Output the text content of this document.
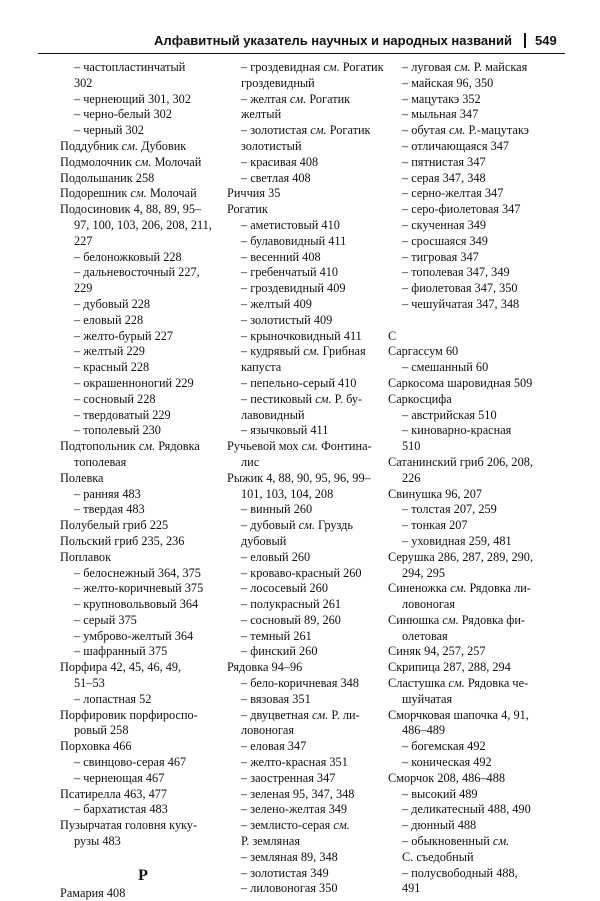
Алфавитный указатель научных и народных названий 549
– частопластинчатый
302
– чернеющий 301, 302
– черно-белый 302
– черный 302
Поддубник см. Дубовик
Подмолочник см. Молочай
Подольшаник 258
Подорешник см. Молочай
Подосиновик 4, 88, 89, 95–
97, 100, 103, 206, 208, 211,
227
– белоножковый 228
– дальневосточный 227,
229
– дубовый 228
– еловый 228
– желто-бурый 227
– желтый 229
– красный 228
– окрашенноногий 229
– сосновый 228
– твердоватый 229
– тополевый 230
Подтопольник см. Рядовка
тополевая
Полевка
– ранняя 483
– твердая 483
Полубелый гриб 225
Польский гриб 235, 236
Поплавок
– белоснежный 364, 375
– желто-коричневый 375
– крупновольвовый 364
– серый 375
– умброво-желтый 364
– шафранный 375
Порфира 42, 45, 46, 49,
51–53
– лопастная 52
Порфировик порфироспо-
ровый 258
Порховка 466
– свинцово-серая 467
– чернеющая 467
Псатирелла 463, 477
– бархатистая 483
Пузырчатая головня куку-
рузы 483
P
Рамария 408
– гроздевидная см. Рогатик
гроздевидный
– желтая см. Рогатик
желтый
– золотистая см. Рогатик
золотистый
– красивая 408
– светлая 408
Риччия 35
Рогатик
– аметистовый 410
– булавовидный 411
– весенний 408
– гребенчатый 410
– гроздевидный 409
– желтый 409
– золотистый 409
– крыночковидный 411
– кудрявый см. Грибная
капуста
– пепельно-серый 410
– пестиковый см. Р. бу-
лавовидный
– язычковый 411
Ручьевой мох см. Фонтина-
лис
Рыжик 4, 88, 90, 95, 96, 99–
101, 103, 104, 208
– винный 260
– дубовый см. Груздь
дубовый
– еловый 260
– кроваво-красный 260
– лососевый 260
– полукрасный 261
– сосновый 89, 260
– темный 261
– финский 260
Рядовка 94–96
– бело-коричневая 348
– вязовая 351
– двуцветная см. Р. ли-
ловоногая
– еловая 347
– желто-красная 351
– заостренная 347
– зеленая 95, 347, 348
– зелено-желтая 349
– землисто-серая см.
Р. земляная
– земляная 89, 348
– золотистая 349
– лиловоногая 350
– луговая см. Р. майская
– майская 96, 350
– мацутакэ 352
– мыльная 347
– обутая см. Р.-мацутакэ
– отличающаяся 347
– пятнистая 347
– серая 347, 348
– серно-желтая 347
– серо-фиолетовая 347
– скученная 349
– сросшаяся 349
– тигровая 347
– тополевая 347, 349
– фиолетовая 347, 350
– чешуйчатая 347, 348
С
Саргассум 60
– смешанный 60
Саркосома шаровидная 509
Саркосцифа
– австрийская 510
– киноварно-красная
510
Сатанинский гриб 206, 208,
226
Свинушка 96, 207
– толстая 207, 259
– тонкая 207
– уховидная 259, 481
Серушка 286, 287, 289, 290,
294, 295
Синеножка см. Рядовка ли-
ловоногая
Синюшка см. Рядовка фи-
олетовая
Синяк 94, 257, 257
Скрипица 287, 288, 294
Сластушка см. Рядовка че-
шуйчатая
Сморчковая шапочка 4, 91,
486–489
– богемская 492
– коническая 492
Сморчок 208, 486–488
– высокий 489
– деликатесный 488, 490
– дюнный 488
– обыкновенный см.
С. съедобный
– полусвободный 488,
491
